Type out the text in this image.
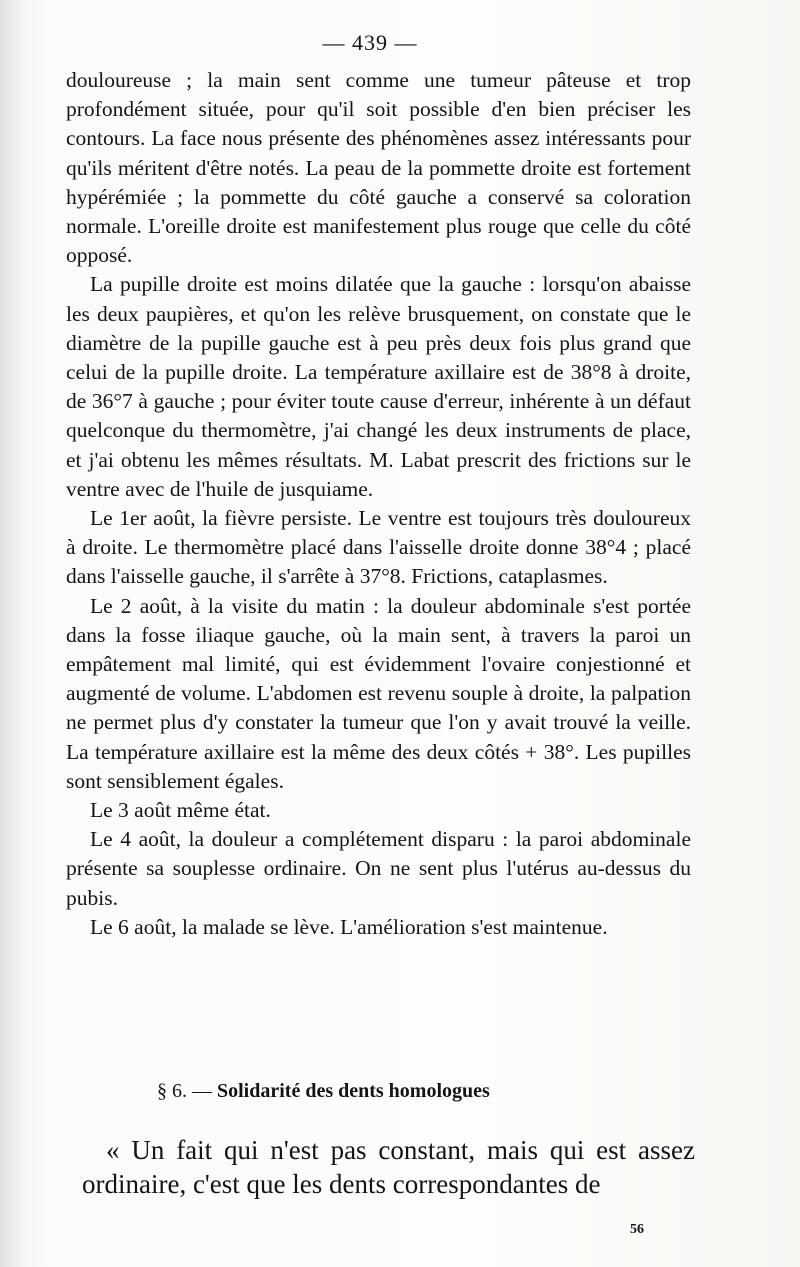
— 439 —

douloureuse ; la main sent comme une tumeur pâteuse et trop profondément située, pour qu'il soit possible d'en bien préciser les contours. La face nous présente des phénomènes assez intéressants pour qu'ils méritent d'être notés. La peau de la pommette droite est fortement hypérémiée ; la pommette du côté gauche a conservé sa coloration normale. L'oreille droite est manifestement plus rouge que celle du côté opposé.

La pupille droite est moins dilatée que la gauche : lorsqu'on abaisse les deux paupières, et qu'on les relève brusquement, on constate que le diamètre de la pupille gauche est à peu près deux fois plus grand que celui de la pupille droite. La température axillaire est de 38°8 à droite, de 36°7 à gauche ; pour éviter toute cause d'erreur, inhérente à un défaut quelconque du thermomètre, j'ai changé les deux instruments de place, et j'ai obtenu les mêmes résultats. M. Labat prescrit des frictions sur le ventre avec de l'huile de jusquiame.

Le 1er août, la fièvre persiste. Le ventre est toujours très douloureux à droite. Le thermomètre placé dans l'aisselle droite donne 38°4 ; placé dans l'aisselle gauche, il s'arrête à 37°8. Frictions, cataplasmes.

Le 2 août, à la visite du matin : la douleur abdominale s'est portée dans la fosse iliaque gauche, où la main sent, à travers la paroi un empâtement mal limité, qui est évidemment l'ovaire conjestionné et augmenté de volume. L'abdomen est revenu souple à droite, la palpation ne permet plus d'y constater la tumeur que l'on y avait trouvé la veille. La température axillaire est la même des deux côtés + 38°. Les pupilles sont sensiblement égales.

Le 3 août même état.

Le 4 août, la douleur a complétement disparu : la paroi abdominale présente sa souplesse ordinaire. On ne sent plus l'utérus au-dessus du pubis.

Le 6 août, la malade se lève. L'amélioration s'est maintenue.

§ 6. — Solidarité des dents homologues

« Un fait qui n'est pas constant, mais qui est assez ordinaire, c'est que les dents correspondantes de

56
